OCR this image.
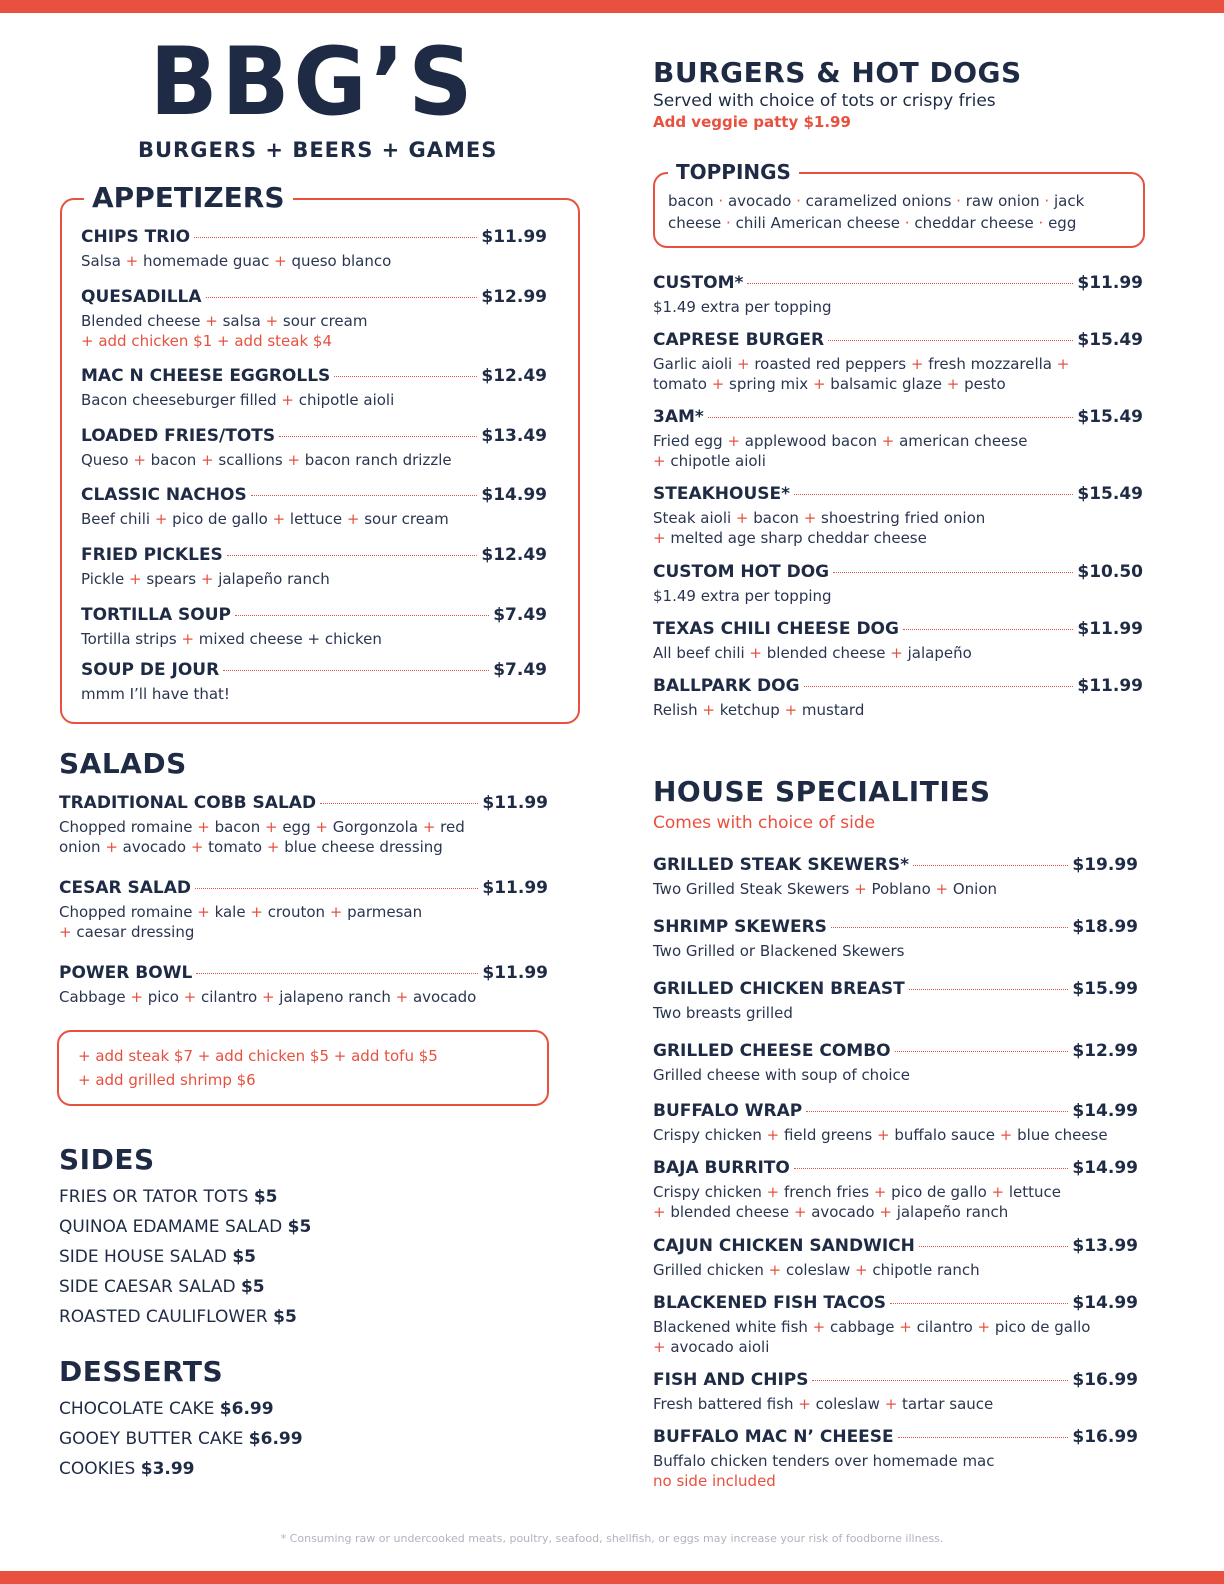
BBG’S
BURGERS + BEERS + GAMES
APPETIZERS
CHIPS TRIO	$11.99
Salsa + homemade guac + queso blanco
QUESADILLA	$12.99
Blended cheese + salsa + sour cream
+ add chicken $1 + add steak $4
MAC N CHEESE EGGROLLS	$12.49
Bacon cheeseburger filled + chipotle aioli
LOADED FRIES/TOTS	$13.49
Queso + bacon + scallions + bacon ranch drizzle
CLASSIC NACHOS	$14.99
Beef chili + pico de gallo + lettuce + sour cream
FRIED PICKLES	$12.49
Pickle + spears + jalapeño ranch
TORTILLA SOUP	$7.49
Tortilla strips + mixed cheese + chicken
SOUP DE JOUR	$7.49
mmm I’ll have that!
SALADS
TRADITIONAL COBB SALAD	$11.99
Chopped romaine + bacon + egg + Gorgonzola + red
onion + avocado + tomato + blue cheese dressing
CESAR SALAD	$11.99
Chopped romaine + kale + crouton + parmesan
+ caesar dressing
POWER BOWL	$11.99
Cabbage + pico + cilantro + jalapeno ranch + avocado
+ add steak $7 + add chicken $5 + add tofu $5
+ add grilled shrimp $6
SIDES
FRIES OR TATOR TOTS $5
QUINOA EDAMAME SALAD $5
SIDE HOUSE SALAD $5
SIDE CAESAR SALAD $5
ROASTED CAULIFLOWER $5
DESSERTS
CHOCOLATE CAKE $6.99
GOOEY BUTTER CAKE $6.99
COOKIES $3.99
BURGERS & HOT DOGS
Served with choice of tots or crispy fries
Add veggie patty $1.99
bacon · avocado · caramelized onions · raw onion · jack
cheese · chili American cheese · cheddar cheese · egg
TOPPINGS
CUSTOM*	$11.99
$1.49 extra per topping
CAPRESE BURGER	$15.49
Garlic aioli + roasted red peppers + fresh mozzarella +
tomato + spring mix + balsamic glaze + pesto
3AM*	$15.49
Fried egg + applewood bacon + american cheese
+ chipotle aioli
STEAKHOUSE*	$15.49
Steak aioli + bacon + shoestring fried onion
+ melted age sharp cheddar cheese
CUSTOM HOT DOG	$10.50
$1.49 extra per topping
TEXAS CHILI CHEESE DOG	$11.99
All beef chili + blended cheese + jalapeño
BALLPARK DOG	$11.99
Relish + ketchup + mustard
HOUSE SPECIALITIES
Comes with choice of side
GRILLED STEAK SKEWERS*	$19.99
Two Grilled Steak Skewers + Poblano + Onion
SHRIMP SKEWERS	$18.99
Two Grilled or Blackened Skewers
GRILLED CHICKEN BREAST	$15.99
Two breasts grilled
GRILLED CHEESE COMBO	$12.99
Grilled cheese with soup of choice
BUFFALO WRAP	$14.99
Crispy chicken + field greens + buffalo sauce + blue cheese
BAJA BURRITO	$14.99
Crispy chicken + french fries + pico de gallo + lettuce
+ blended cheese + avocado + jalapeño ranch
CAJUN CHICKEN SANDWICH	$13.99
Grilled chicken + coleslaw + chipotle ranch
BLACKENED FISH TACOS	$14.99
Blackened white fish + cabbage + cilantro + pico de gallo
+ avocado aioli
FISH AND CHIPS	$16.99
Fresh battered fish + coleslaw + tartar sauce
BUFFALO MAC N’ CHEESE	$16.99
Buffalo chicken tenders over homemade mac
no side included
* Consuming raw or undercooked meats, poultry, seafood, shellfish, or eggs may increase your risk of foodborne illness.
